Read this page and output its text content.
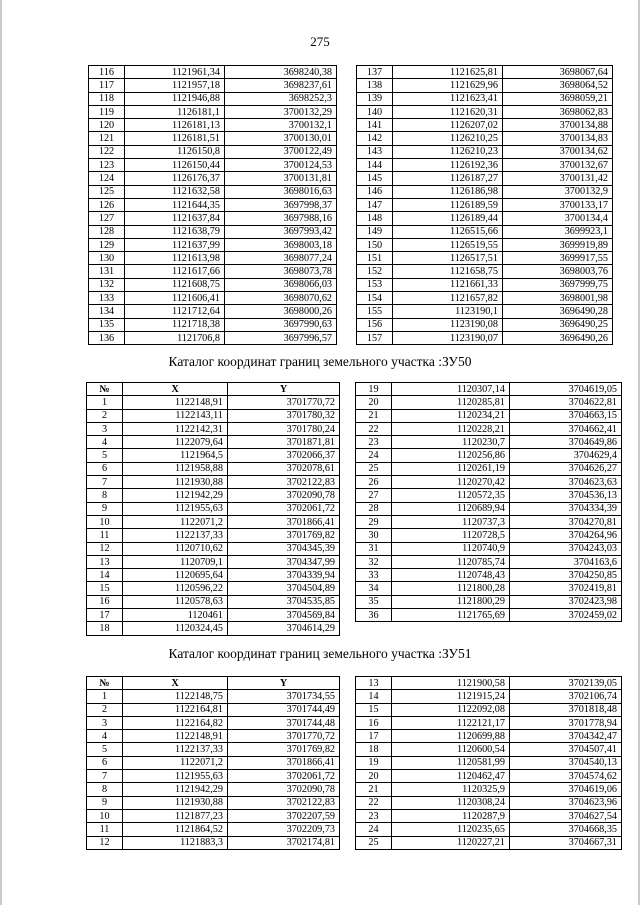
275
116	1121961,34	3698240,38
117	1121957,18	3698237,61
118	1121946,88	3698252,3
119	1126181,1	3700132,29
120	1126181,13	3700132,1
121	1126181,51	3700130,01
122	1126150,8	3700122,49
123	1126150,44	3700124,53
124	1126176,37	3700131,81
125	1121632,58	3698016,63
126	1121644,35	3697998,37
127	1121637,84	3697988,16
128	1121638,79	3697993,42
129	1121637,99	3698003,18
130	1121613,98	3698077,24
131	1121617,66	3698073,78
132	1121608,75	3698066,03
133	1121606,41	3698070,62
134	1121712,64	3698000,26
135	1121718,38	3697990,63
136	1121706,8	3697996,57
137	1121625,81	3698067,64
138	1121629,96	3698064,52
139	1121623,41	3698059,21
140	1121620,31	3698062,83
141	1126207,02	3700134,88
142	1126210,25	3700134,83
143	1126210,23	3700134,62
144	1126192,36	3700132,67
145	1126187,27	3700131,42
146	1126186,98	3700132,9
147	1126189,59	3700133,17
148	1126189,44	3700134,4
149	1126515,66	3699923,1
150	1126519,55	3699919,89
151	1126517,51	3699917,55
152	1121658,75	3698003,76
153	1121661,33	3697999,75
154	1121657,82	3698001,98
155	1123190,1	3696490,28
156	1123190,08	3696490,25
157	1123190,07	3696490,26
Каталог координат границ земельного участка :ЗУ50
№	X	Y
1	1122148,91	3701770,72
2	1122143,11	3701780,32
3	1122142,31	3701780,24
4	1122079,64	3701871,81
5	1121964,5	3702066,37
6	1121958,88	3702078,61
7	1121930,88	3702122,83
8	1121942,29	3702090,78
9	1121955,63	3702061,72
10	1122071,2	3701866,41
11	1122137,33	3701769,82
12	1120710,62	3704345,39
13	1120709,1	3704347,99
14	1120695,64	3704339,94
15	1120596,22	3704504,89
16	1120578,63	3704535,85
17	1120461	3704569,84
18	1120324,45	3704614,29
19	1120307,14	3704619,05
20	1120285,81	3704622,81
21	1120234,21	3704663,15
22	1120228,21	3704662,41
23	1120230,7	3704649,86
24	1120256,86	3704629,4
25	1120261,19	3704626,27
26	1120270,42	3704623,63
27	1120572,35	3704536,13
28	1120689,94	3704334,39
29	1120737,3	3704270,81
30	1120728,5	3704264,96
31	1120740,9	3704243,03
32	1120785,74	3704163,6
33	1120748,43	3704250,85
34	1121800,28	3702419,81
35	1121800,29	3702423,98
36	1121765,69	3702459,02
Каталог координат границ земельного участка :ЗУ51
№	X	Y
1	1122148,75	3701734,55
2	1122164,81	3701744,49
3	1122164,82	3701744,48
4	1122148,91	3701770,72
5	1122137,33	3701769,82
6	1122071,2	3701866,41
7	1121955,63	3702061,72
8	1121942,29	3702090,78
9	1121930,88	3702122,83
10	1121877,23	3702207,59
11	1121864,52	3702209,73
12	1121883,3	3702174,81
13	1121900,58	3702139,05
14	1121915,24	3702106,74
15	1122092,08	3701818,48
16	1122121,17	3701778,94
17	1120699,88	3704342,47
18	1120600,54	3704507,41
19	1120581,99	3704540,13
20	1120462,47	3704574,62
21	1120325,9	3704619,06
22	1120308,24	3704623,96
23	1120287,9	3704627,54
24	1120235,65	3704668,35
25	1120227,21	3704667,31
